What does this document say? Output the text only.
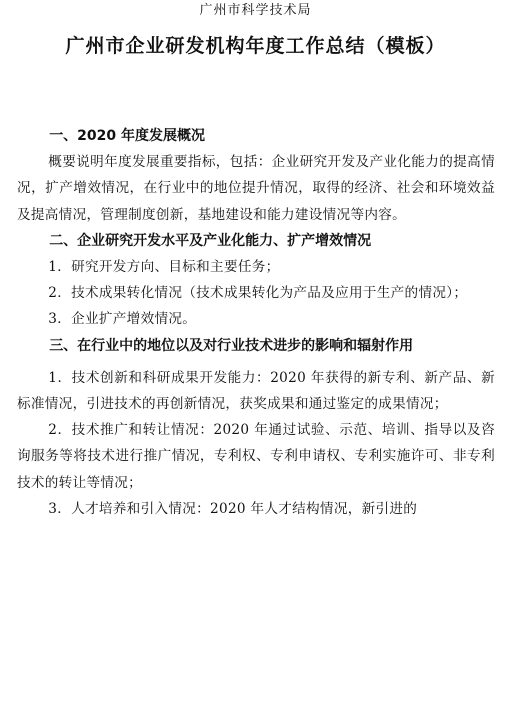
广州市科学技术局
广州市企业研发机构年度工作总结（模板）

一、2020 年度发展概况

概要说明年度发展重要指标，包括：企业研究开发及产业化能力的提高情况，扩产增效情况，在行业中的地位提升情况，取得的经济、社会和环境效益及提高情况，管理制度创新，基地建设和能力建设情况等内容。

二、企业研究开发水平及产业化能力、扩产增效情况

1．研究开发方向、目标和主要任务；

2．技术成果转化情况（技术成果转化为产品及应用于生产的情况）；

3．企业扩产增效情况。

三、在行业中的地位以及对行业技术进步的影响和辐射作用

1．技术创新和科研成果开发能力：2020 年获得的新专利、新产品、新标准情况，引进技术的再创新情况，获奖成果和通过鉴定的成果情况；

2．技术推广和转让情况：2020 年通过试验、示范、培训、指导以及咨询服务等将技术进行推广情况，专利权、专利申请权、专利实施许可、非专利技术的转让等情况；

3．人才培养和引入情况：2020 年人才结构情况，新引进的
